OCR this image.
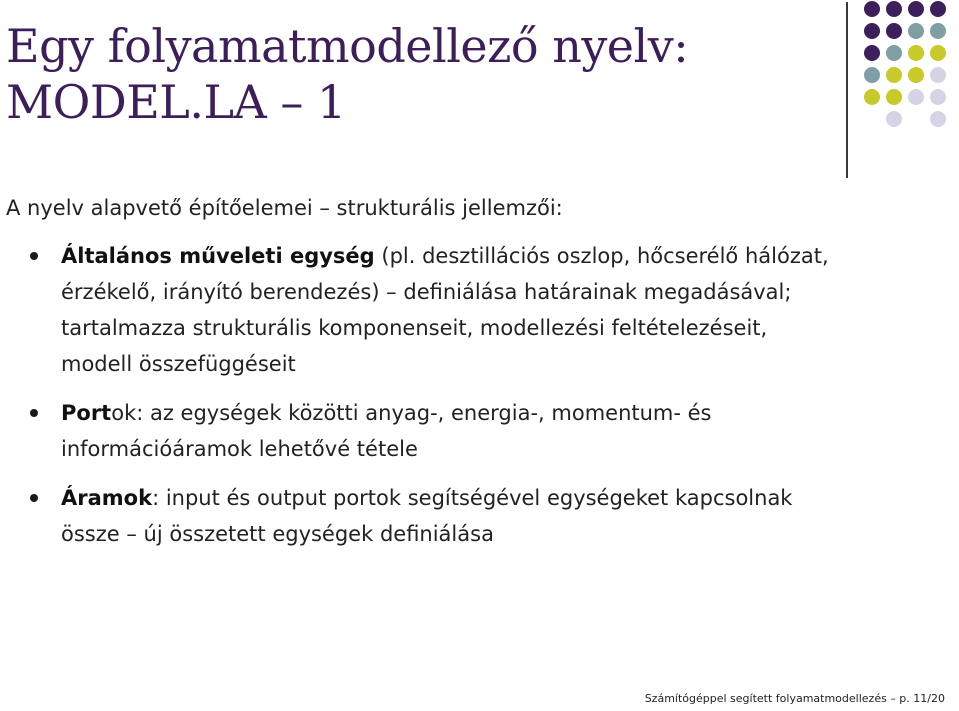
Egy folyamatmodellező nyelv:
MODEL.LA – 1
A nyelv alapvető építőelemei – strukturális jellemzői:
Általános műveleti egység (pl. desztillációs oszlop, hőcserélő hálózat, érzékelő, irányító berendezés) – definiálása határainak megadásával; tartalmazza strukturális komponenseit, modellezési feltételezéseit, modell összefüggéseit
Portok: az egységek közötti anyag-, energia-, momentum- és információáramok lehetővé tétele
Áramok: input és output portok segítségével egységeket kapcsolnak össze – új összetett egységek definiálása
Számítógéppel segített folyamatmodellezés – p. 11/20
